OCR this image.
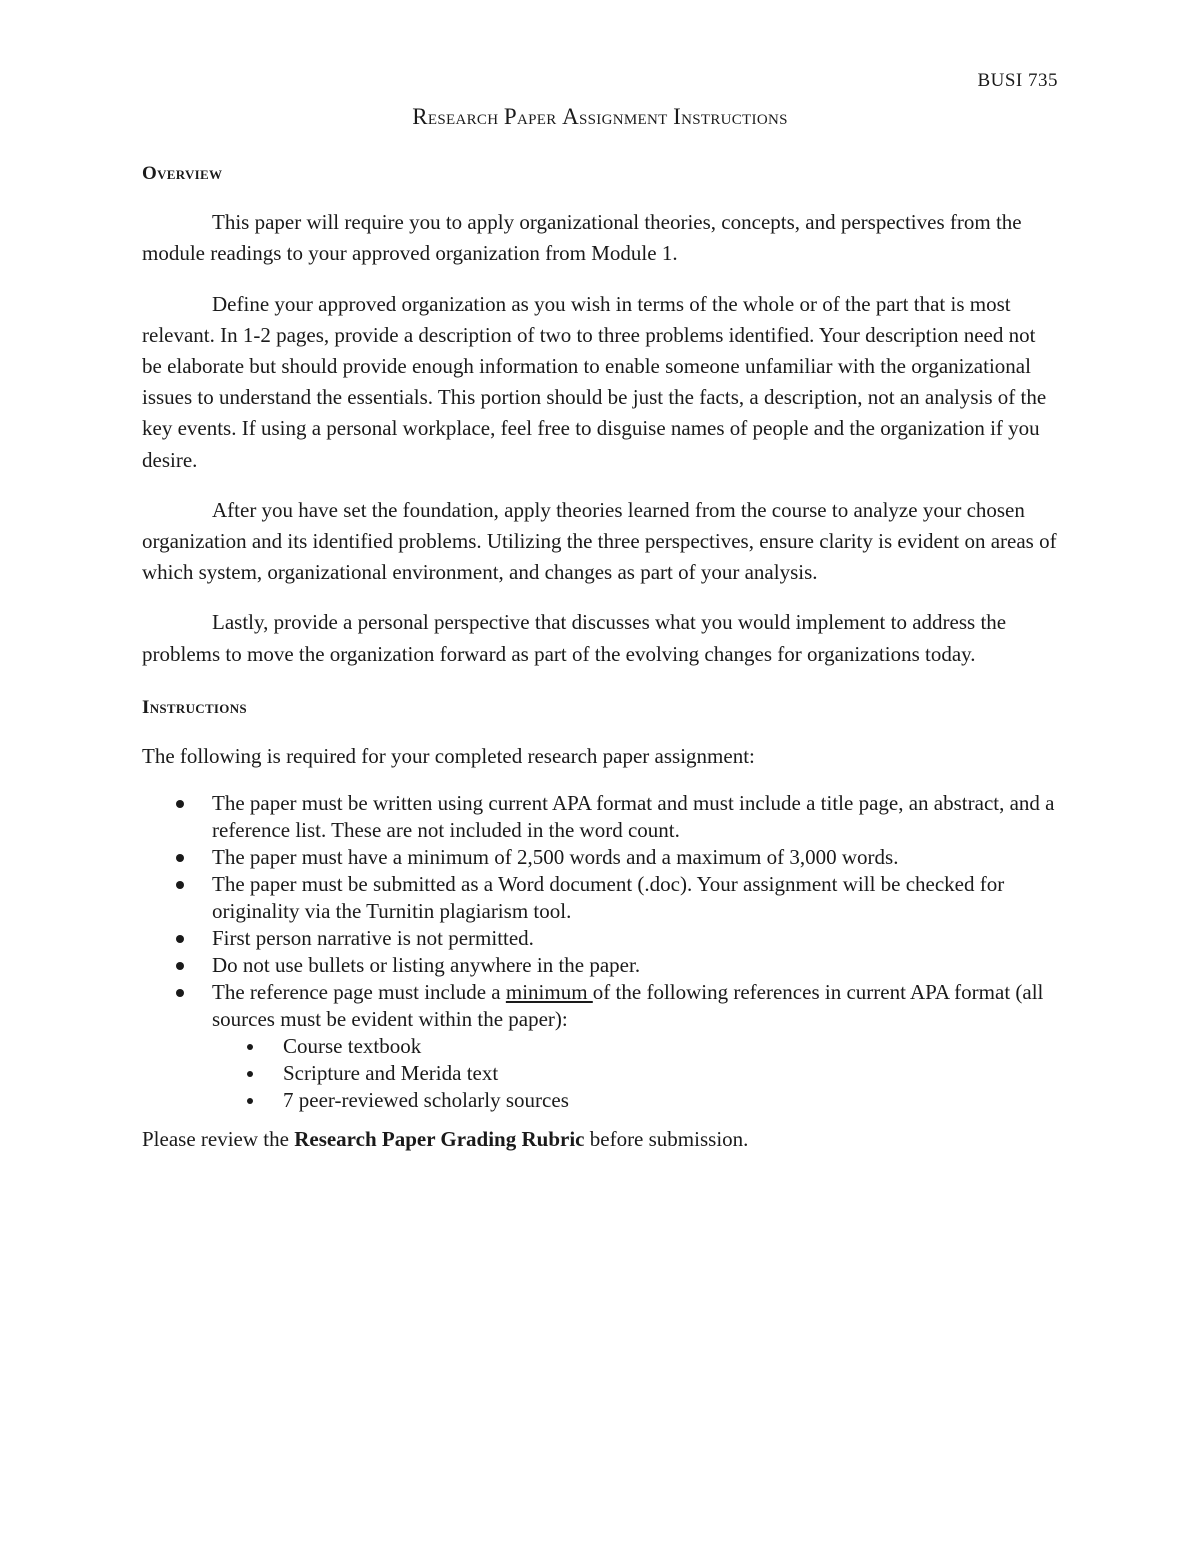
BUSI 735
Research Paper Assignment Instructions
Overview

This paper will require you to apply organizational theories, concepts, and perspectives from the module readings to your approved organization from Module 1.

Define your approved organization as you wish in terms of the whole or of the part that is most relevant. In 1-2 pages, provide a description of two to three problems identified. Your description need not be elaborate but should provide enough information to enable someone unfamiliar with the organizational issues to understand the essentials. This portion should be just the facts, a description, not an analysis of the key events. If using a personal workplace, feel free to disguise names of people and the organization if you desire.

After you have set the foundation, apply theories learned from the course to analyze your chosen organization and its identified problems. Utilizing the three perspectives, ensure clarity is evident on areas of which system, organizational environment, and changes as part of your analysis.

Lastly, provide a personal perspective that discusses what you would implement to address the problems to move the organization forward as part of the evolving changes for organizations today.

Instructions

The following is required for your completed research paper assignment:

The paper must be written using current APA format and must include a title page, an abstract, and a reference list. These are not included in the word count.
The paper must have a minimum of 2,500 words and a maximum of 3,000 words.
The paper must be submitted as a Word document (.doc). Your assignment will be checked for originality via the Turnitin plagiarism tool.
First person narrative is not permitted.
Do not use bullets or listing anywhere in the paper.
The reference page must include a minimum of the following references in current APA format (all sources must be evident within the paper):
Course textbook
Scripture and Merida text
7 peer-reviewed scholarly sources

Please review the Research Paper Grading Rubric before submission.
